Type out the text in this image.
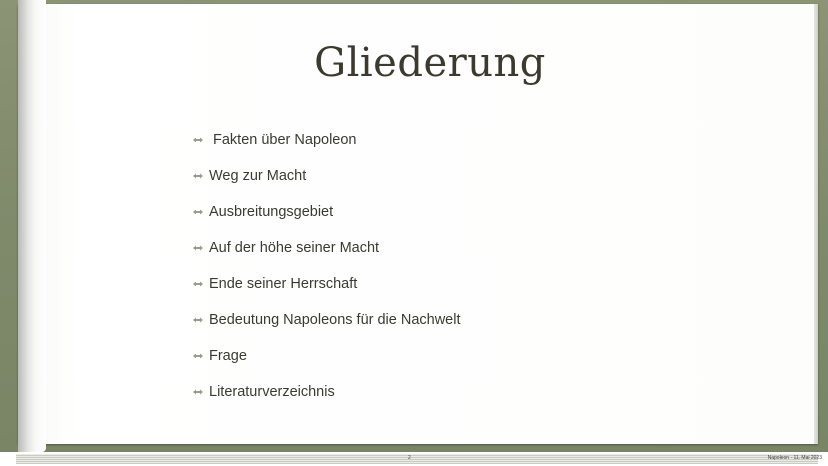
Gliederung
Fakten über Napoleon
Weg zur Macht
Ausbreitungsgebiet
Auf der höhe seiner Macht
Ende seiner Herrschaft
Bedeutung Napoleons für die Nachwelt
Frage
Literaturverzeichnis
2	Napoleon · 11. Mai 2023
